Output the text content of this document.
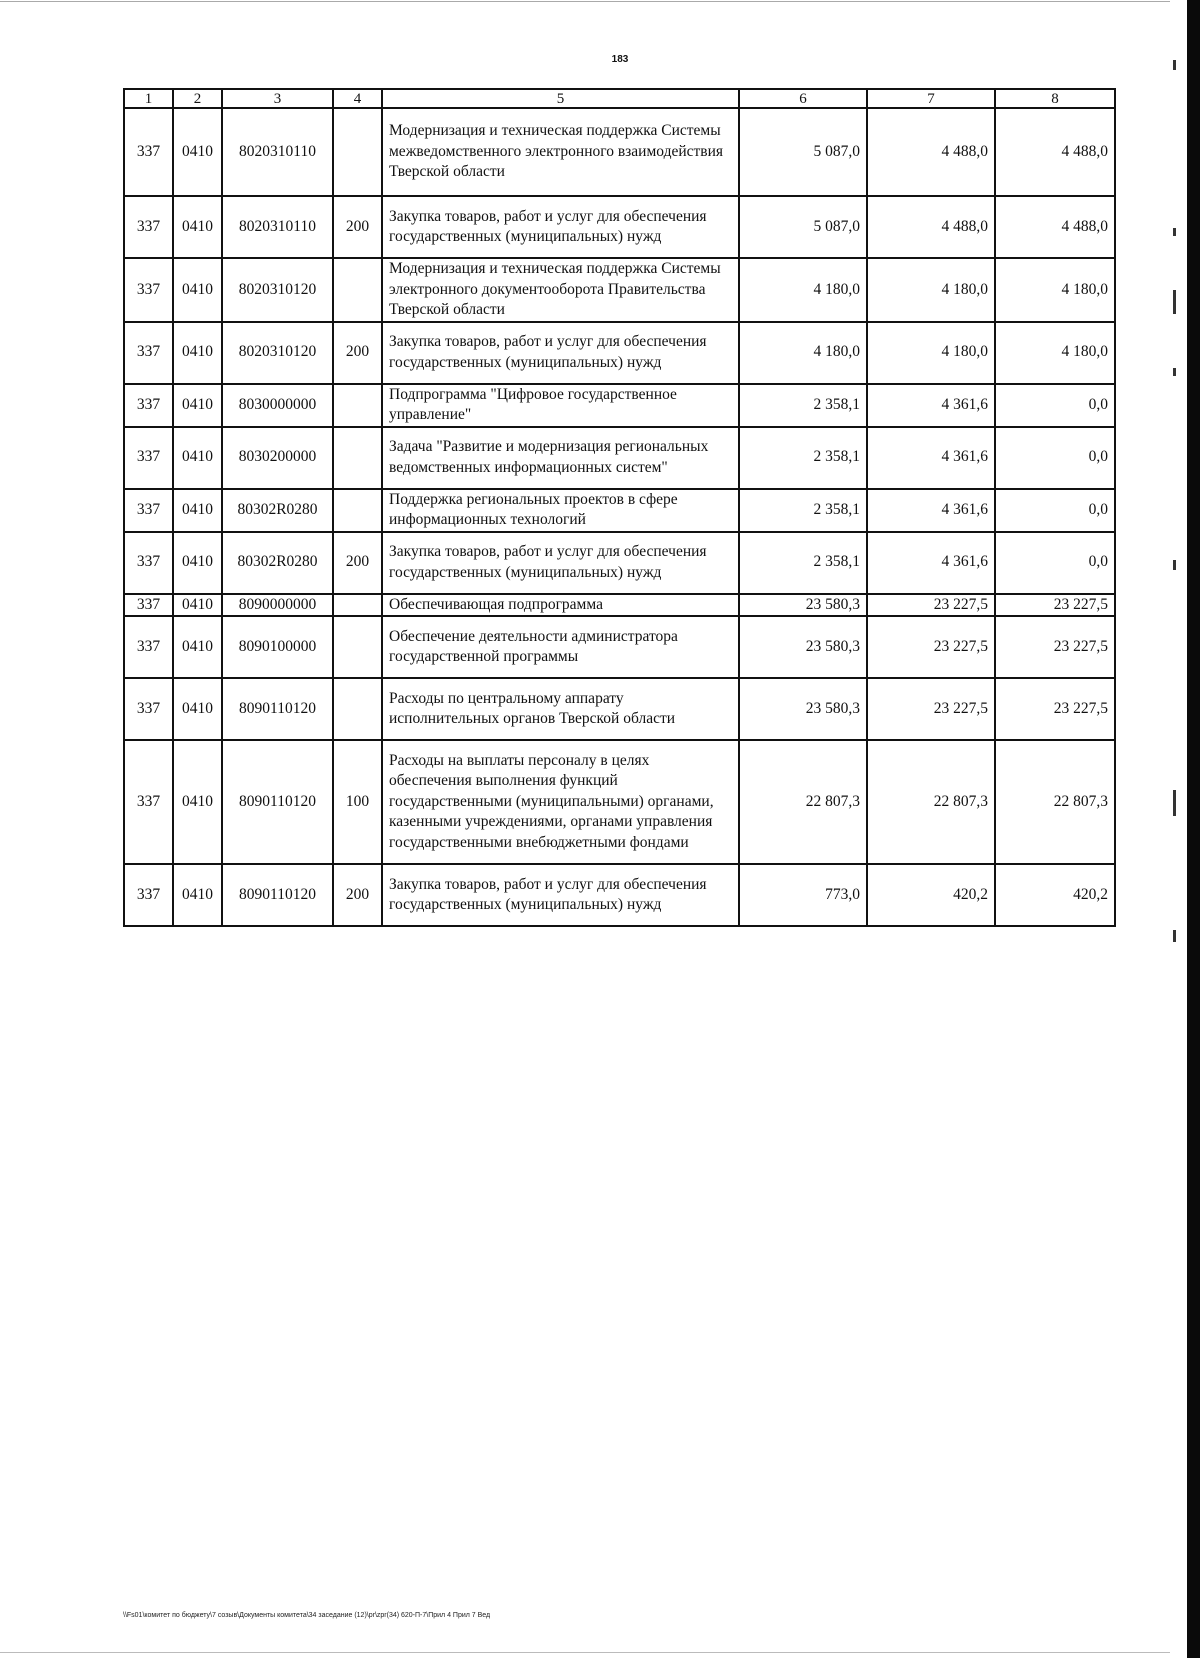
183
1	2	3	4	5	6	7	8
337	0410	8020310110		Модернизация и техническая поддержка Системы межведомственного электронного взаимодействия Тверской области	5 087,0	4 488,0	4 488,0
337	0410	8020310110	200	Закупка товаров, работ и услуг для обеспечения государственных (муниципальных) нужд	5 087,0	4 488,0	4 488,0
337	0410	8020310120		Модернизация и техническая поддержка Системы электронного документооборота Правительства Тверской области	4 180,0	4 180,0	4 180,0
337	0410	8020310120	200	Закупка товаров, работ и услуг для обеспечения государственных (муниципальных) нужд	4 180,0	4 180,0	4 180,0
337	0410	8030000000		Подпрограмма "Цифровое государственное управление"	2 358,1	4 361,6	0,0
337	0410	8030200000		Задача "Развитие и модернизация региональных ведомственных информационных систем"	2 358,1	4 361,6	0,0
337	0410	80302R0280		Поддержка региональных проектов в сфере информационных технологий	2 358,1	4 361,6	0,0
337	0410	80302R0280	200	Закупка товаров, работ и услуг для обеспечения государственных (муниципальных) нужд	2 358,1	4 361,6	0,0
337	0410	8090000000		Обеспечивающая подпрограмма	23 580,3	23 227,5	23 227,5
337	0410	8090100000		Обеспечение деятельности администратора государственной программы	23 580,3	23 227,5	23 227,5
337	0410	8090110120		Расходы по центральному аппарату исполнительных органов Тверской области	23 580,3	23 227,5	23 227,5
337	0410	8090110120	100	Расходы на выплаты персоналу в целях обеспечения выполнения функций государственными (муниципальными) органами, казенными учреждениями, органами управления государственными внебюджетными фондами	22 807,3	22 807,3	22 807,3
337	0410	8090110120	200	Закупка товаров, работ и услуг для обеспечения государственных (муниципальных) нужд	773,0	420,2	420,2
\\Fs01\комитет по бюджету\7 созыв\Документы комитета\34 заседание (12)\pr\zpr(34) 620-П-7\Прил 4 Прил 7 Вед
